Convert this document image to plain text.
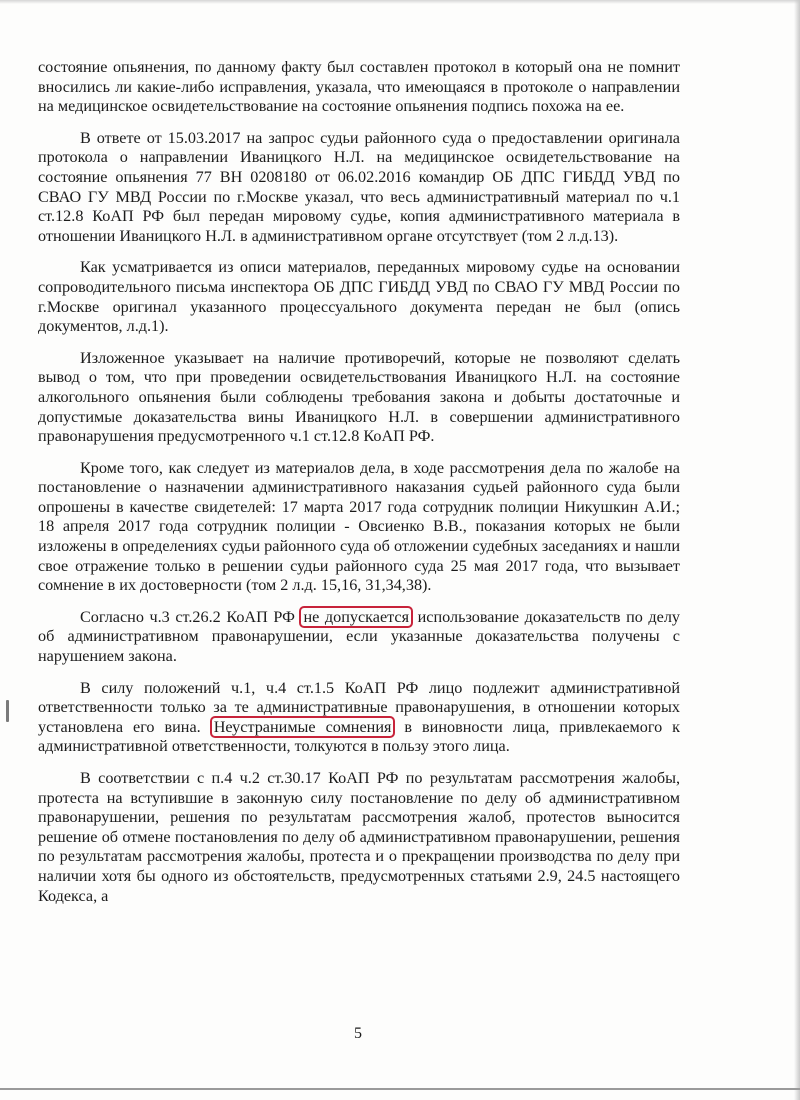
состояние опьянения, по данному факту был составлен протокол в который она не помнит вносились ли какие-либо исправления, указала, что имеющаяся в протоколе о направлении на медицинское освидетельствование на состояние опьянения подпись похожа на ее.

В ответе от 15.03.2017 на запрос судьи районного суда о предоставлении оригинала протокола о направлении Иваницкого Н.Л. на медицинское освидетельствование на состояние опьянения 77 ВН 0208180 от 06.02.2016 командир ОБ ДПС ГИБДД УВД по СВАО ГУ МВД России по г.Москве указал, что весь административный материал по ч.1 ст.12.8 КоАП РФ был передан мировому судье, копия административного материала в отношении Иваницкого Н.Л. в административном органе отсутствует (том 2 л.д.13).

Как усматривается из описи материалов, переданных мировому судье на основании сопроводительного письма инспектора ОБ ДПС ГИБДД УВД по СВАО ГУ МВД России по г.Москве оригинал указанного процессуального документа передан не был (опись документов, л.д.1).

Изложенное указывает на наличие противоречий, которые не позволяют сделать вывод о том, что при проведении освидетельствования Иваницкого Н.Л. на состояние алкогольного опьянения были соблюдены требования закона и добыты достаточные и допустимые доказательства вины Иваницкого Н.Л. в совершении административного правонарушения предусмотренного ч.1 ст.12.8 КоАП РФ.

Кроме того, как следует из материалов дела, в ходе рассмотрения дела по жалобе на постановление о назначении административного наказания судьей районного суда были опрошены в качестве свидетелей: 17 марта 2017 года сотрудник полиции Никушкин А.И.; 18 апреля 2017 года сотрудник полиции - Овсиенко В.В., показания которых не были изложены в определениях судьи районного суда об отложении судебных заседаниях и нашли свое отражение только в решении судьи районного суда 25 мая 2017 года, что вызывает сомнение в их достоверности (том 2 л.д. 15,16, 31,34,38).

Согласно ч.3 ст.26.2 КоАП РФ не допускается использование доказательств по делу об административном правонарушении, если указанные доказательства получены с нарушением закона.

В силу положений ч.1, ч.4 ст.1.5 КоАП РФ лицо подлежит административной ответственности только за те административные правонарушения, в отношении которых установлена его вина. Неустранимые сомнения в виновности лица, привлекаемого к административной ответственности, толкуются в пользу этого лица.

В соответствии с п.4 ч.2 ст.30.17 КоАП РФ по результатам рассмотрения жалобы, протеста на вступившие в законную силу постановление по делу об административном правонарушении, решения по результатам рассмотрения жалоб, протестов выносится решение об отмене постановления по делу об административном правонарушении, решения по результатам рассмотрения жалобы, протеста и о прекращении производства по делу при наличии хотя бы одного из обстоятельств, предусмотренных статьями 2.9, 24.5 настоящего Кодекса, а

5
